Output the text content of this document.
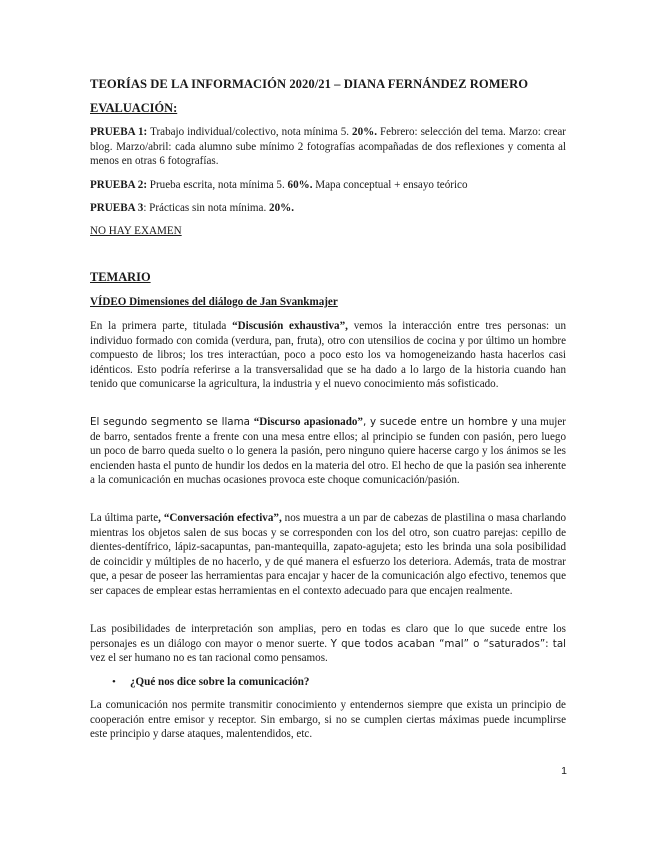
TEORÍAS DE LA INFORMACIÓN 2020/21 – DIANA FERNÁNDEZ ROMERO

EVALUACIÓN:

PRUEBA 1: Trabajo individual/colectivo, nota mínima 5. 20%. Febrero: selección del tema. Marzo: crear blog. Marzo/abril: cada alumno sube mínimo 2 fotografías acompañadas de dos reflexiones y comenta al menos en otras 6 fotografías.

PRUEBA 2: Prueba escrita, nota mínima 5. 60%. Mapa conceptual + ensayo teórico

PRUEBA 3: Prácticas sin nota mínima. 20%.

NO HAY EXAMEN

TEMARIO

VÍDEO Dimensiones del diálogo de Jan Svankmajer

En la primera parte, titulada “Discusión exhaustiva”, vemos la interacción entre tres personas: un individuo formado con comida (verdura, pan, fruta), otro con utensilios de cocina y por último un hombre compuesto de libros; los tres interactúan, poco a poco esto los va homogeneizando hasta hacerlos casi idénticos. Esto podría referirse a la transversalidad que se ha dado a lo largo de la historia cuando han tenido que comunicarse la agricultura, la industria y el nuevo conocimiento más sofisticado.

El segundo segmento se llama “Discurso apasionado”, y sucede entre un hombre y una mujer de barro, sentados frente a frente con una mesa entre ellos; al principio se funden con pasión, pero luego un poco de barro queda suelto o lo genera la pasión, pero ninguno quiere hacerse cargo y los ánimos se les encienden hasta el punto de hundir los dedos en la materia del otro. El hecho de que la pasión sea inherente a la comunicación en muchas ocasiones provoca este choque comunicación/pasión.

La última parte, “Conversación efectiva”, nos muestra a un par de cabezas de plastilina o masa charlando mientras los objetos salen de sus bocas y se corresponden con los del otro, son cuatro parejas: cepillo de dientes-dentífrico, lápiz-sacapuntas, pan-mantequilla, zapato-agujeta; esto les brinda una sola posibilidad de coincidir y múltiples de no hacerlo, y de qué manera el esfuerzo los deteriora. Además, trata de mostrar que, a pesar de poseer las herramientas para encajar y hacer de la comunicación algo efectivo, tenemos que ser capaces de emplear estas herramientas en el contexto adecuado para que encajen realmente.

Las posibilidades de interpretación son amplias, pero en todas es claro que lo que sucede entre los personajes es un diálogo con mayor o menor suerte. Y que todos acaban “mal” o “saturados”: tal vez el ser humano no es tan racional como pensamos.

• ¿Qué nos dice sobre la comunicación?

La comunicación nos permite transmitir conocimiento y entendernos siempre que exista un principio de cooperación entre emisor y receptor. Sin embargo, si no se cumplen ciertas máximas puede incumplirse este principio y darse ataques, malentendidos, etc.

1
